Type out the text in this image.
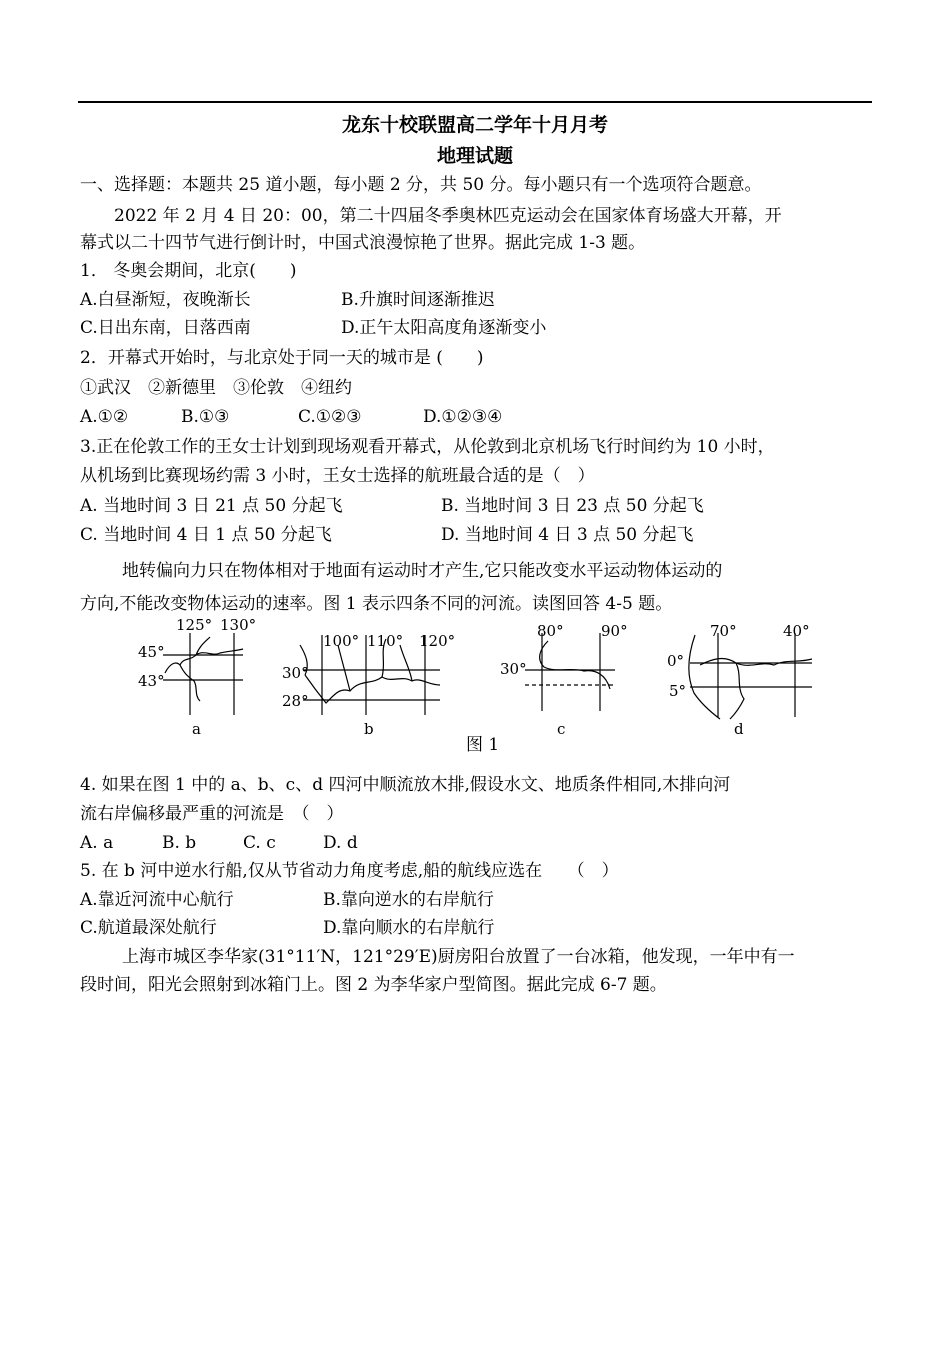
龙东十校联盟高二学年十月月考
地理试题
一、选择题：本题共 25 道小题，每小题 2 分，共 50 分。每小题只有一个选项符合题意。
2022 年 2 月 4 日 20：00，第二十四届冬季奥林匹克运动会在国家体育场盛大开幕，开
幕式以二十四节气进行倒计时，中国式浪漫惊艳了世界。据此完成 1-3 题。
1． 冬奥会期间，北京(　　)
A.白昼渐短，夜晚渐长	B.升旗时间逐渐推迟
C.日出东南，日落西南	D.正午太阳高度角逐渐变小
2．开幕式开始时，与北京处于同一天的城市是 (　　)
①武汉　②新德里　③伦敦　④纽约
A.①②	B.①③	C.①②③	D.①②③④
3.正在伦敦工作的王女士计划到现场观看开幕式，从伦敦到北京机场飞行时间约为 10 小时，
从机场到比赛现场约需 3 小时，王女士选择的航班最合适的是（　）
A. 当地时间 3 日 21 点 50 分起飞	B. 当地时间 3 日 23 点 50 分起飞
C. 当地时间 4 日 1 点 50 分起飞	D. 当地时间 4 日 3 点 50 分起飞
地转偏向力只在物体相对于地面有运动时才产生,它只能改变水平运动物体运动的
方向,不能改变物体运动的速率。图 1 表示四条不同的河流。读图回答 4-5 题。
125° 130°
45°
43°
a
100° 110° 120°
30°
28°
b
80° 90°
30°
c
70°	40°
0°
5°
d
图 1
4. 如果在图 1 中的 a、b、c、d 四河中顺流放木排,假设水文、地质条件相同,木排向河
流右岸偏移最严重的河流是　（　）
A. a	B. b	C. c	D. d
5. 在 b 河中逆水行船,仅从节省动力角度考虑,船的航线应选在　　（　）
A.靠近河流中心航行	B.靠向逆水的右岸航行
C.航道最深处航行	D.靠向顺水的右岸航行
上海市城区李华家(31°11′N，121°29′E)厨房阳台放置了一台冰箱，他发现，一年中有一
段时间，阳光会照射到冰箱门上。图 2 为李华家户型简图。据此完成 6-7 题。
